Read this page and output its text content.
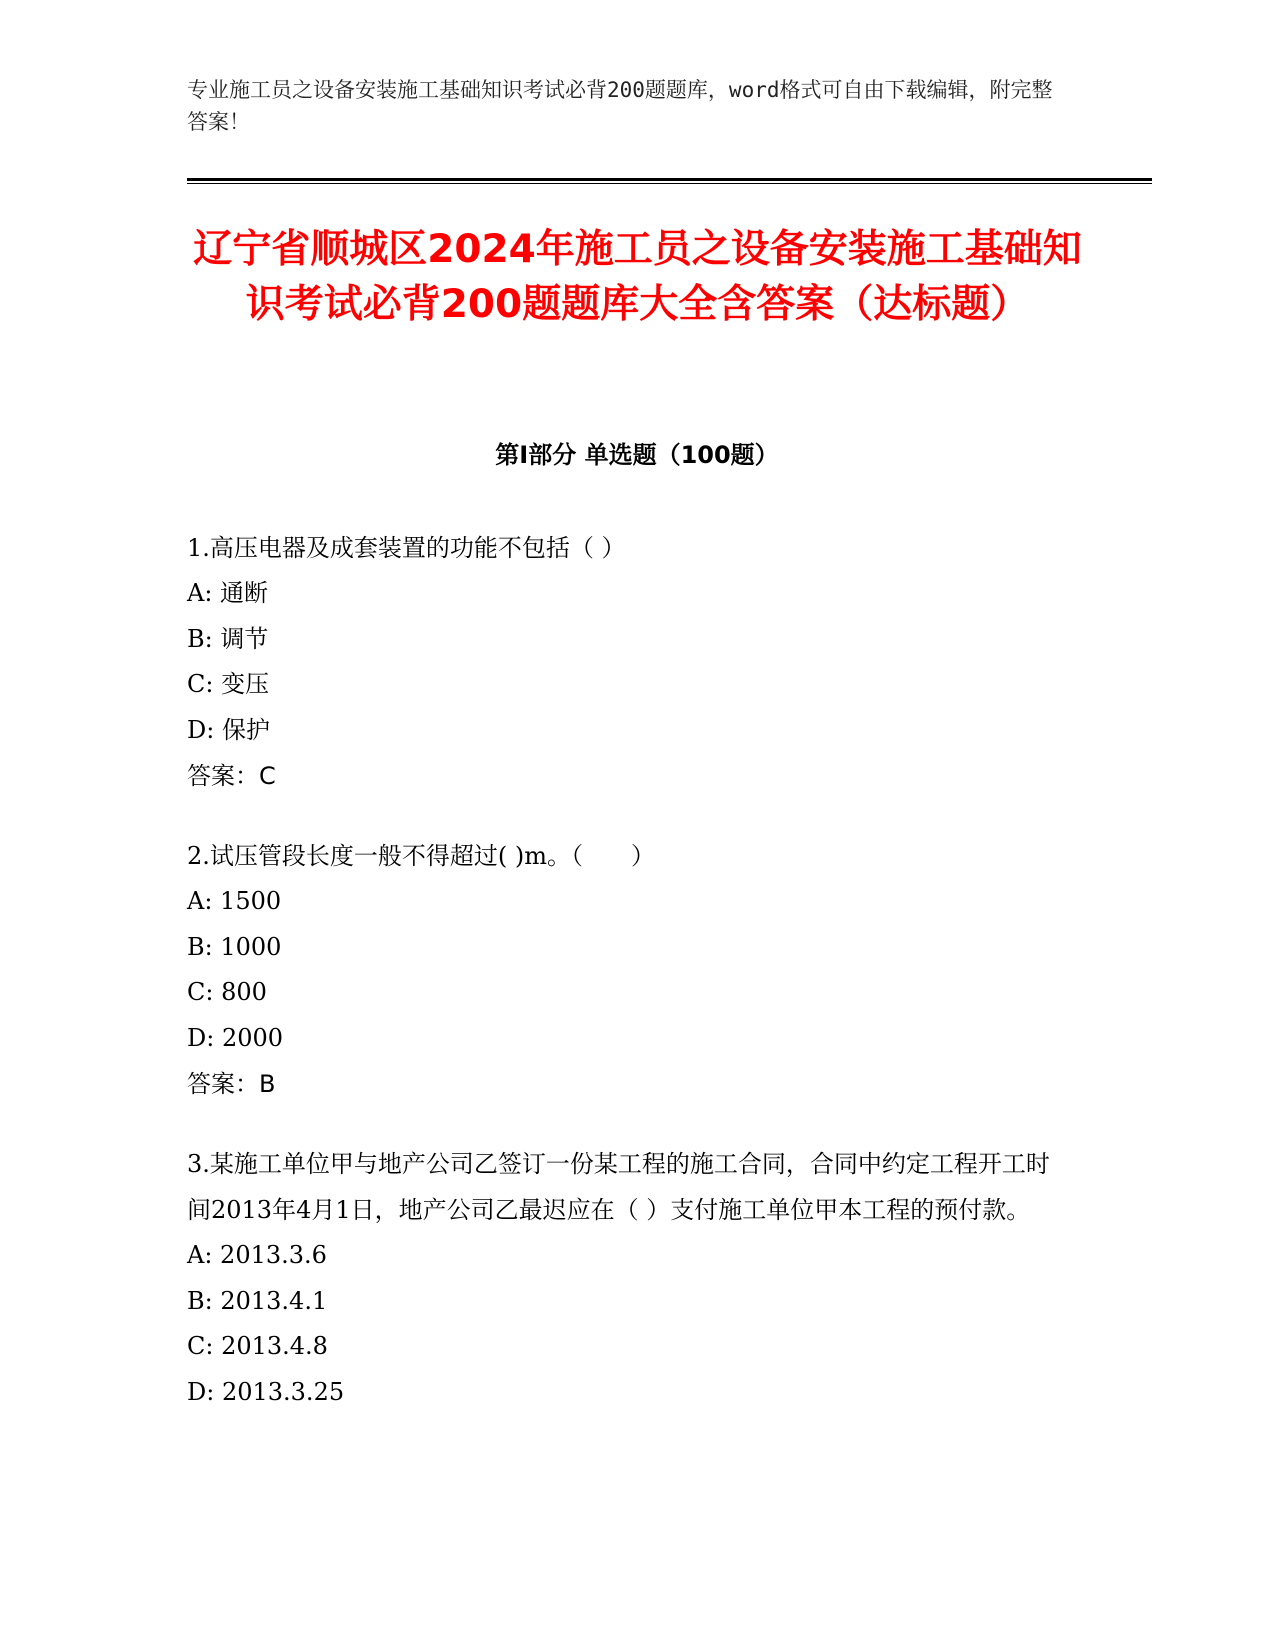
专业施工员之设备安装施工基础知识考试必背200题题库，word格式可自由下载编辑，附完整答案！
辽宁省顺城区2024年施工员之设备安装施工基础知识考试必背200题题库大全含答案（达标题）
第Ⅰ部分 单选题（100题）
1.高压电器及成套装置的功能不包括（ ）
A: 通断
B: 调节
C: 变压
D: 保护
答案：C
2.试压管段长度一般不得超过( )m。（　　）
A: 1500
B: 1000
C: 800
D: 2000
答案：B
3.某施工单位甲与地产公司乙签订一份某工程的施工合同，合同中约定工程开工时间2013年4月1日，地产公司乙最迟应在（ ）支付施工单位甲本工程的预付款。
A: 2013.3.6
B: 2013.4.1
C: 2013.4.8
D: 2013.3.25
